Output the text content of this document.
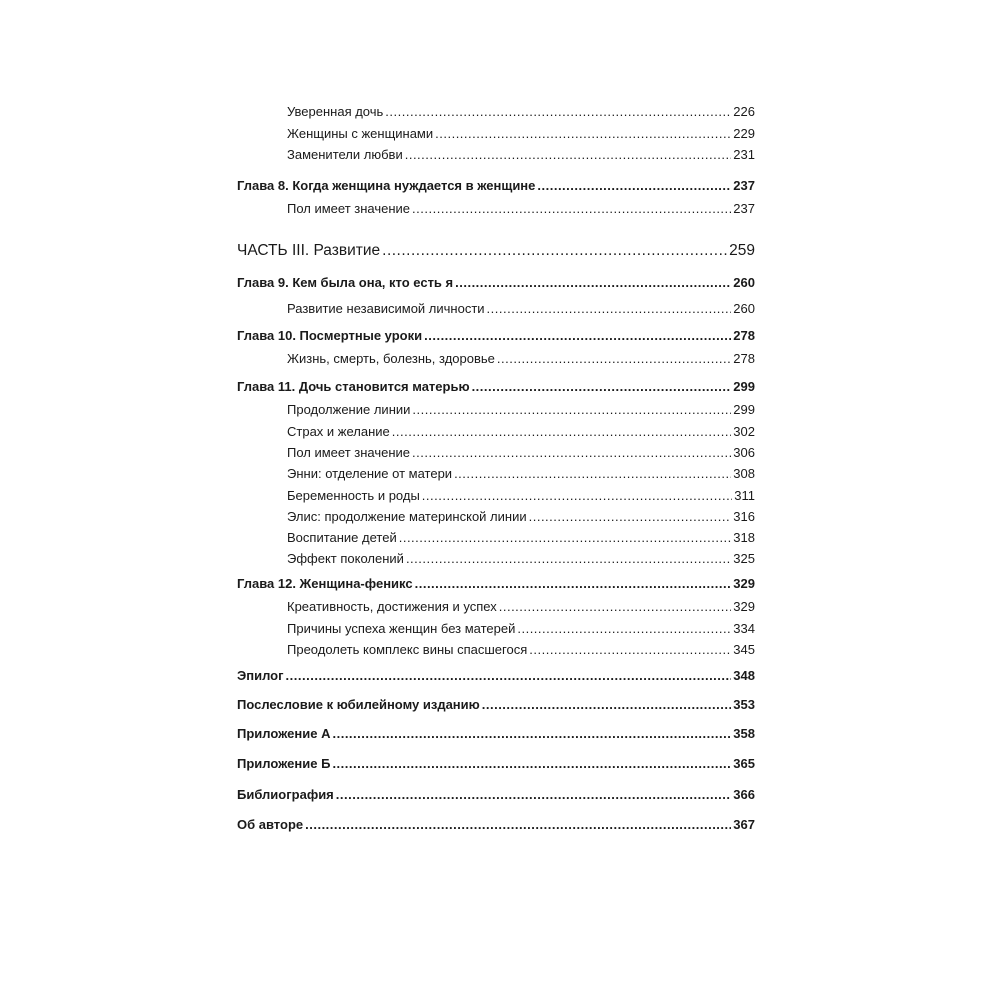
Уверенная дочь .....	226
Женщины с женщинами .....	229
Заменители любви .....	231
Глава 8. Когда женщина нуждается в женщине .....	237
Пол имеет значение .....	237
ЧАСТЬ III. Развитие .....	259
Глава 9. Кем была она, кто есть я .....	260
Развитие независимой личности .....	260
Глава 10. Посмертные уроки .....	278
Жизнь, смерть, болезнь, здоровье .....	278
Глава 11. Дочь становится матерью .....	299
Продолжение линии .....	299
Страх и желание .....	302
Пол имеет значение .....	306
Энни: отделение от матери .....	308
Беременность и роды .....	311
Элис: продолжение материнской линии .....	316
Воспитание детей .....	318
Эффект поколений .....	325
Глава 12. Женщина-феникс .....	329
Креативность, достижения и успех .....	329
Причины успеха женщин без матерей .....	334
Преодолеть комплекс вины спасшегося .....	345
Эпилог .....	348
Послесловие к юбилейному изданию .....	353
Приложение А .....	358
Приложение Б .....	365
Библиография .....	366
Об авторе .....	367
